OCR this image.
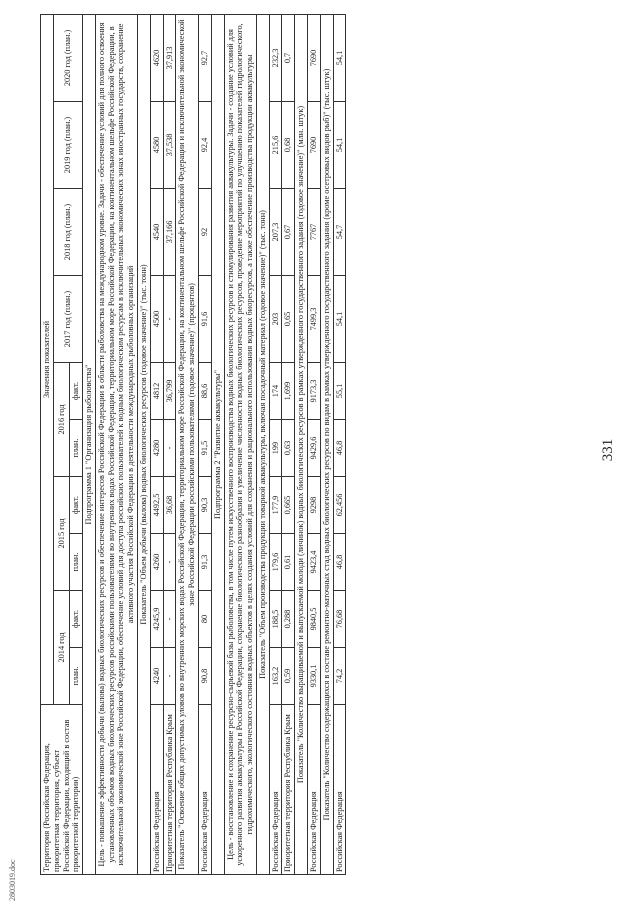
2803019.doc
331
Территория (Российская Федерация, приоритетная территория, субъект Российской Федерации, входящий в состав приоритетной территории)	Значения показателей									
	2014 год		2015 год		2016 год		2017 год (план.)	2018 год (план.)	2019 год (план.)	2020 год (план.)
	план.	факт.	план.	факт.	план.	факт.				
Подпрограмма 1 "Организация рыболовства"										
Цель - повышение эффективности добычи (вылова) водных биологических ресурсов и обеспечение интересов Российской Федерации в области рыболовства на международном уровне. Задачи - обеспечение условий для полного освоения установленных объемов водных биологических ресурсов российскими пользователями во внутренних водах Российской Федерации, территориальном море Российской Федерации, на континентальном шельфе Российской Федерации, в исключительной экономической зоне Российской Федерации, обеспечение условий для доступа российских пользователей к водным биологическим ресурсам в исключительных экономических зонах иностранных государств, сохранение активного участия Российской Федерации в деятельности международных рыболовных организаций										
Показатель "Объем добычи (вылова) водных биологических ресурсов (годовое значение)" (тыс. тонн)										
Российская Федерация	4240	4245,9	4260	4492,5	4280	4812	4500	4540	4580	4620
Приоритетная территория Республика Крым	-	-	-	36,68	-	36,799	-	37,166	37,538	37,913
Показатель "Освоение общих допустимых уловов во внутренних морских водах Российской Федерации, территориальном море Российской Федерации, на континентальном шельфе Российской Федерации и исключительной экономической зоне Российской Федерации российскими пользователями (годовое значение)" (процентов)										
Российская Федерация	90,8	80	91,3	90,3	91,5	88,6	91,6	92	92,4	92,7
Подпрограмма 2 "Развитие аквакультуры"										
Цель - восстановление и сохранение ресурсно-сырьевой базы рыболовства, в том числе путем искусственного воспроизводства водных биологических ресурсов и стимулирования развития аквакультуры. Задачи - создание условий для ускоренного развития аквакультуры в Российской Федерации, сохранение биологического разнообразия и увеличение численности водных биологических ресурсов, проведение мероприятий по улучшению показателей гидрологического, гидрохимического, экологического состояния водных объектов в целях создания условий для сохранения и рационального использования водных биоресурсов, а также обеспечение производства продукции аквакультуры										
Показатель "Объем производства продукции товарной аквакультуры, включая посадочный материал (годовое значение)" (тыс. тонн)										
Российская Федерация	163,2	188,5	179,6	177,9	199	174	203	207,3	215,6	232,3
Приоритетная территория Республика Крым	0,59	0,288	0,61	0,665	0,63	1,699	0,65	0,67	0,68	0,7
Показатель "Количество выращиваемой и выпускаемой молоди (личинок) водных биологических ресурсов в рамках утвержденного государственного задания (годовое значение)" (млн. штук)										
Российская Федерация	9330,1	9840,5	9423,4	9298	9429,6	9173,3	7499,3	7767	7690	7690
Показатель "Количество содержащихся в составе ремонтно-маточных стад водных биологических ресурсов по видам в рамках утвержденного государственного задания (кроме осетровых видов рыб)" (тыс. штук)										
Российская Федерация	74,2	76,68	46,8	62,456	46,8	55,1	54,1	54,7	54,1	54,1
